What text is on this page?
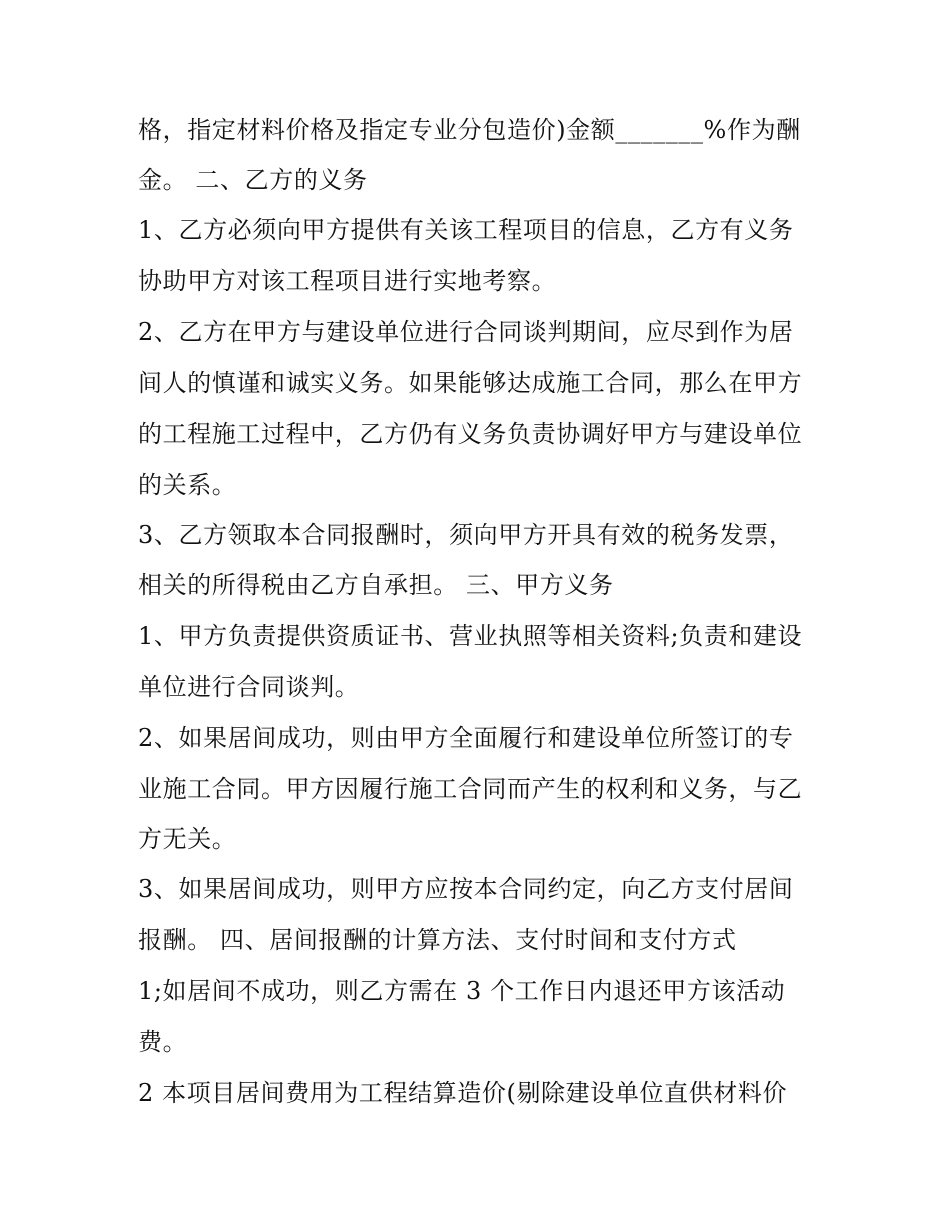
格，指定材料价格及指定专业分包造价)金额_______%作为酬
金。 二、乙方的义务
1、乙方必须向甲方提供有关该工程项目的信息，乙方有义务
协助甲方对该工程项目进行实地考察。
2、乙方在甲方与建设单位进行合同谈判期间，应尽到作为居
间人的慎谨和诚实义务。如果能够达成施工合同，那么在甲方
的工程施工过程中，乙方仍有义务负责协调好甲方与建设单位
的关系。
3、乙方领取本合同报酬时，须向甲方开具有效的税务发票，
相关的所得税由乙方自承担。 三、甲方义务
1、甲方负责提供资质证书、营业执照等相关资料;负责和建设
单位进行合同谈判。
2、如果居间成功，则由甲方全面履行和建设单位所签订的专
业施工合同。甲方因履行施工合同而产生的权利和义务，与乙
方无关。
3、如果居间成功，则甲方应按本合同约定，向乙方支付居间
报酬。 四、居间报酬的计算方法、支付时间和支付方式
1;如居间不成功，则乙方需在 3 个工作日内退还甲方该活动
费。
2 本项目居间费用为工程结算造价(剔除建设单位直供材料价
